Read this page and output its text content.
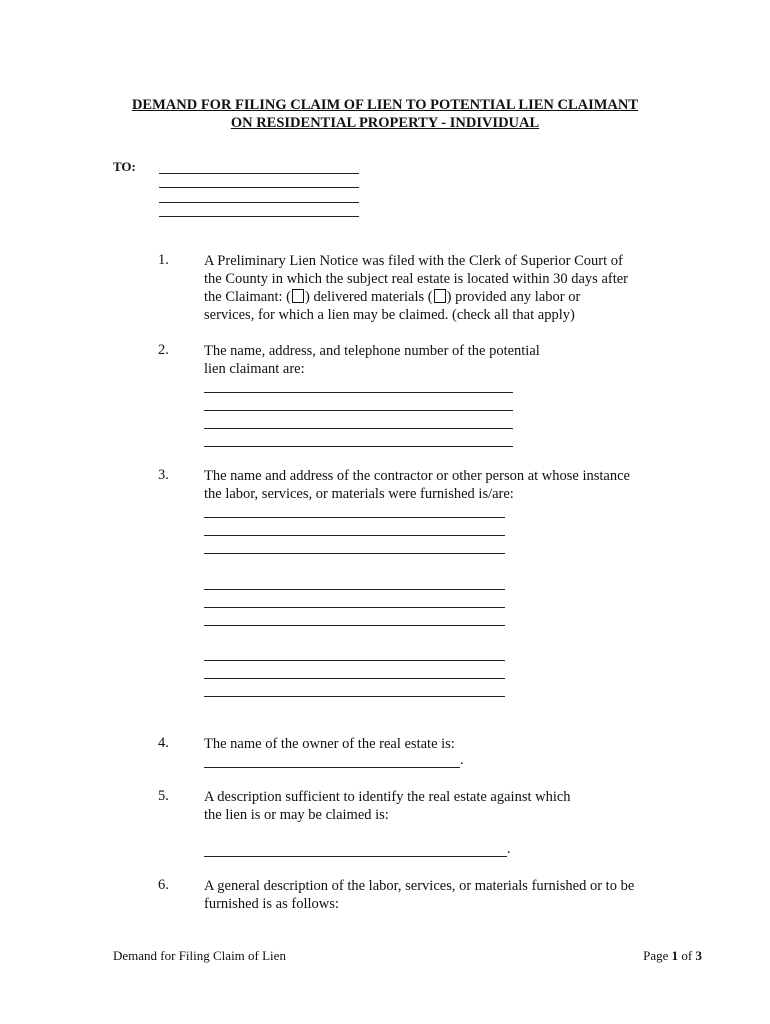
DEMAND FOR FILING CLAIM OF LIEN TO POTENTIAL LIEN CLAIMANT
ON RESIDENTIAL PROPERTY - INDIVIDUAL
TO:
1. A Preliminary Lien Notice was filed with the Clerk of Superior Court of
the County in which the subject real estate is located within 30 days after
the Claimant: ( ) delivered materials ( ) provided any labor or
services, for which a lien may be claimed. (check all that apply)
2. The name, address, and telephone number of the potential
lien claimant are:
3. The name and address of the contractor or other person at whose instance
the labor, services, or materials were furnished is/are:
4. The name of the owner of the real estate is:
.
5. A description sufficient to identify the real estate against which
the lien is or may be claimed is:
.
6. A general description of the labor, services, or materials furnished or to be
furnished is as follows:
Demand for Filing Claim of Lien	Page 1 of 3
